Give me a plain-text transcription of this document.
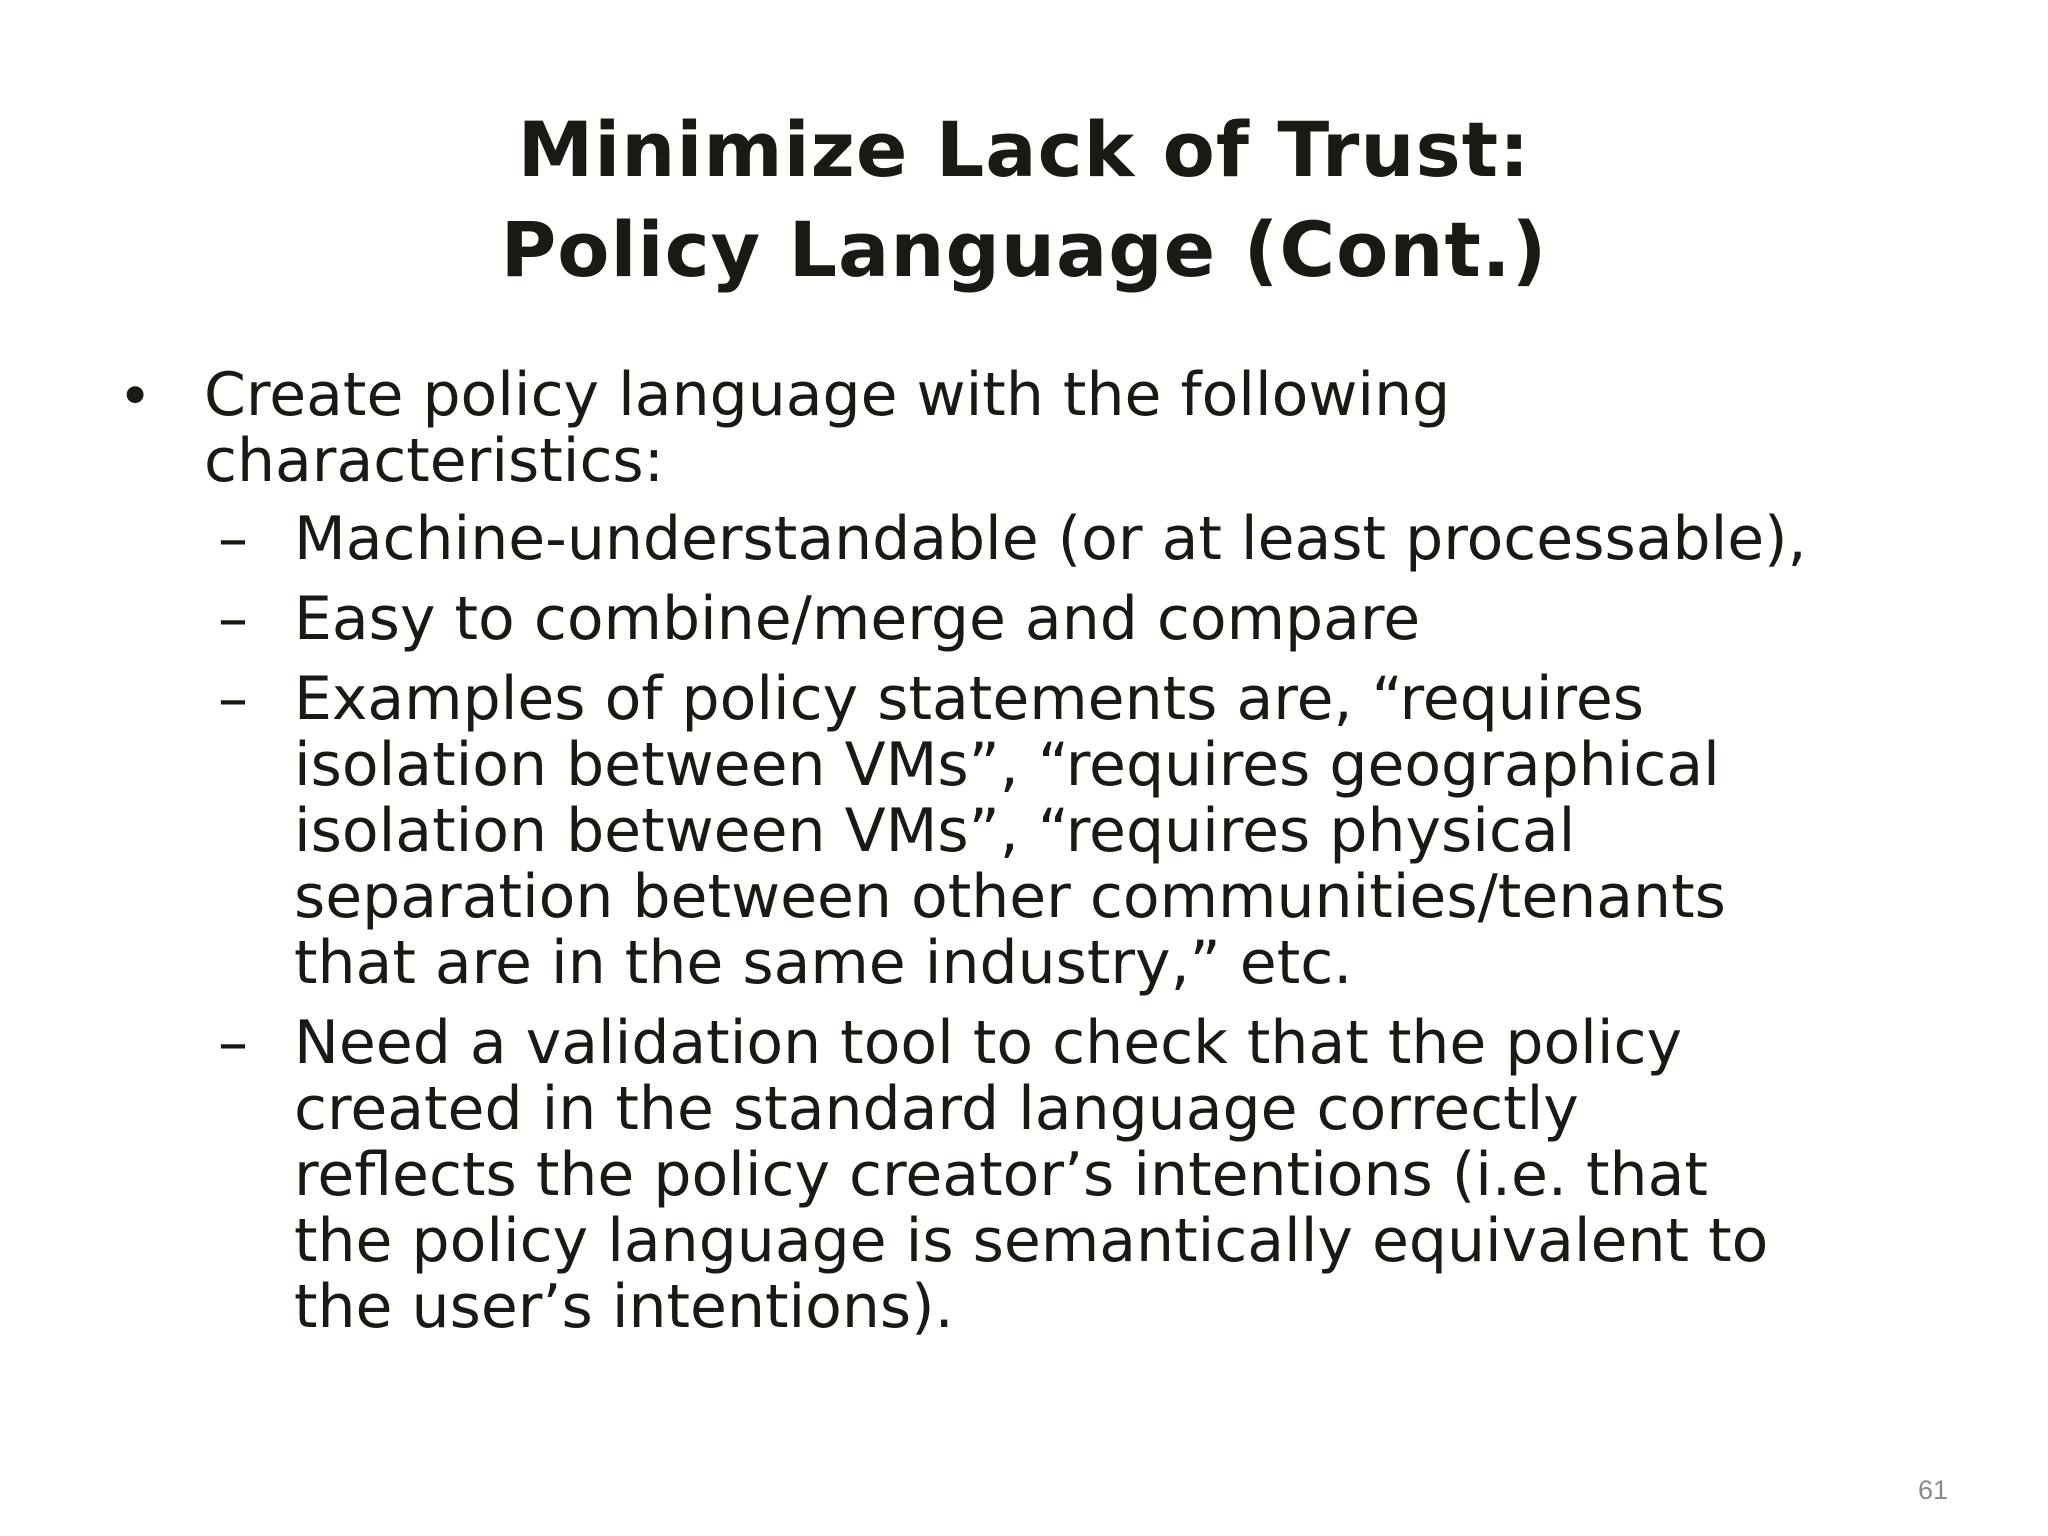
Minimize Lack of Trust:
Policy Language (Cont.)
• Create policy language with the following
characteristics:
– Machine-understandable (or at least processable),
– Easy to combine/merge and compare
– Examples of policy statements are, “requires
isolation between VMs”, “requires geographical
isolation between VMs”, “requires physical
separation between other communities/tenants
that are in the same industry,” etc.
– Need a validation tool to check that the policy
created in the standard language correctly
reflects the policy creator’s intentions (i.e. that
the policy language is semantically equivalent to
the user’s intentions).
61
